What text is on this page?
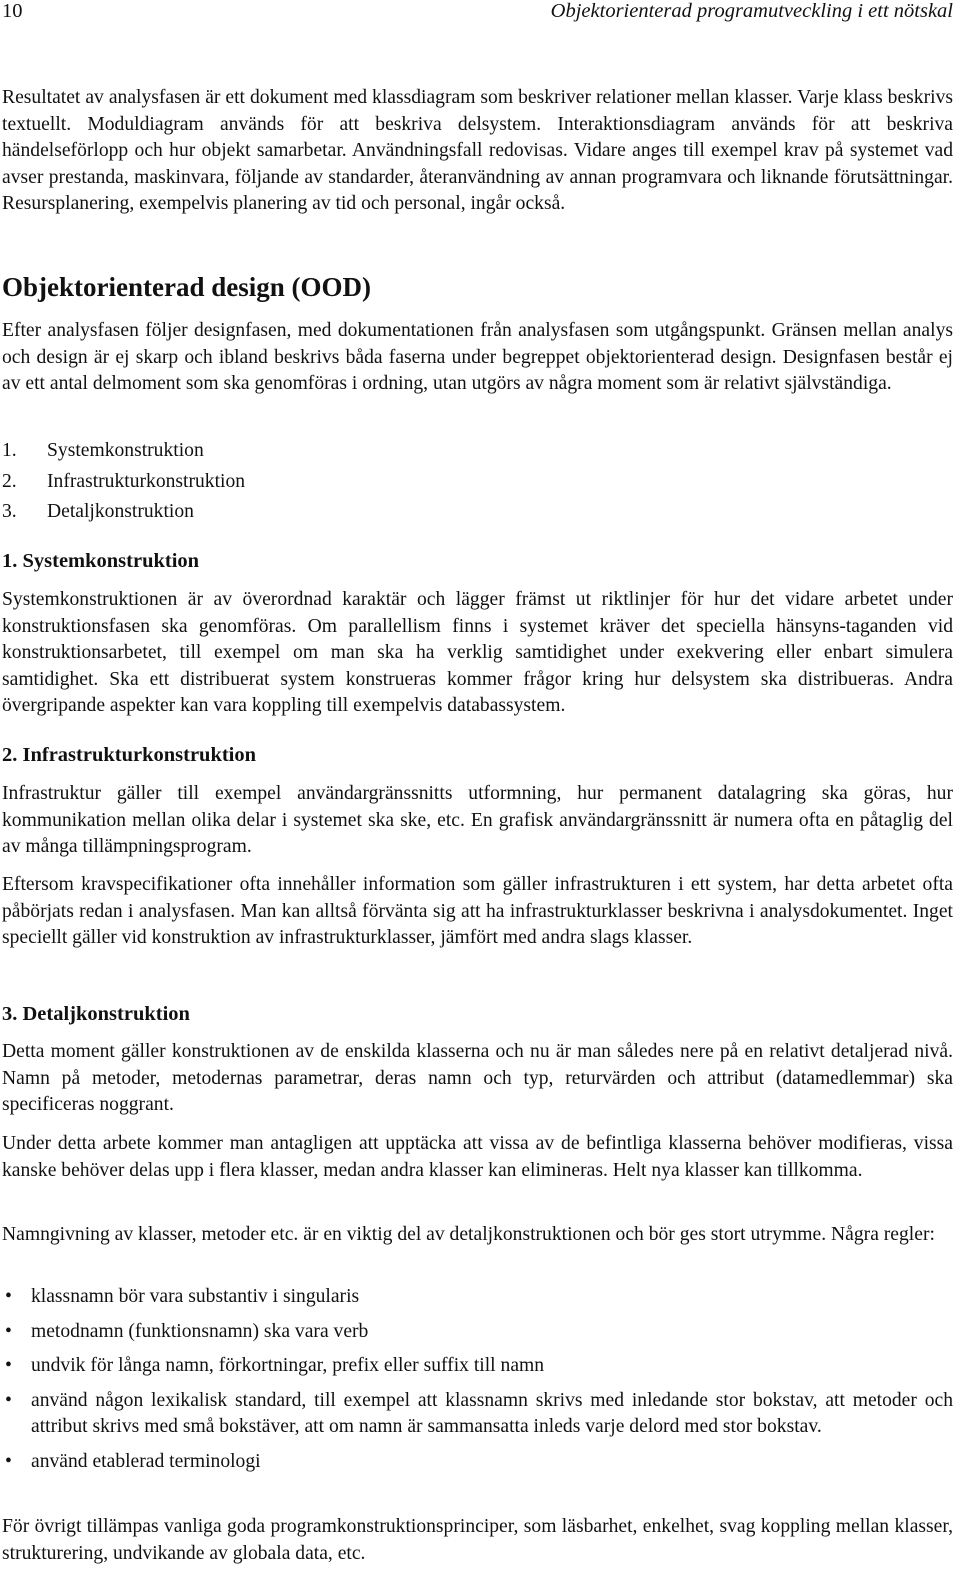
10	Objektorienterad programutveckling i ett nötskal

Resultatet av analysfasen är ett dokument med klassdiagram som beskriver relationer mellan klasser. Varje klass beskrivs textuellt. Moduldiagram används för att beskriva delsystem. Interaktionsdiagram används för att beskriva händelseförlopp och hur objekt samarbetar. Användningsfall redovisas. Vidare anges till exempel krav på systemet vad avser prestanda, maskinvara, följande av standarder, återanvändning av annan programvara och liknande förutsättningar. Resursplanering, exempelvis planering av tid och personal, ingår också.

Objektorienterad design (OOD)

Efter analysfasen följer designfasen, med dokumentationen från analysfasen som utgångspunkt. Gränsen mellan analys och design är ej skarp och ibland beskrivs båda faserna under begreppet objektorienterad design. Designfasen består ej av ett antal delmoment som ska genomföras i ordning, utan utgörs av några moment som är relativt självständiga.

1. Systemkonstruktion
2. Infrastrukturkonstruktion
3. Detaljkonstruktion
1. Systemkonstruktion

Systemkonstruktionen är av överordnad karaktär och lägger främst ut riktlinjer för hur det vidare arbetet under konstruktionsfasen ska genomföras. Om parallellism finns i systemet kräver det speciella hänsyns-taganden vid konstruktionsarbetet, till exempel om man ska ha verklig samtidighet under exekvering eller enbart simulera samtidighet. Ska ett distribuerat system konstrueras kommer frågor kring hur delsystem ska distribueras. Andra övergripande aspekter kan vara koppling till exempelvis databassystem.

2. Infrastrukturkonstruktion

Infrastruktur gäller till exempel användargränssnitts utformning, hur permanent datalagring ska göras, hur kommunikation mellan olika delar i systemet ska ske, etc. En grafisk användargränssnitt är numera ofta en påtaglig del av många tillämpningsprogram.

Eftersom kravspecifikationer ofta innehåller information som gäller infrastrukturen i ett system, har detta arbetet ofta påbörjats redan i analysfasen. Man kan alltså förvänta sig att ha infrastrukturklasser beskrivna i analysdokumentet. Inget speciellt gäller vid konstruktion av infrastrukturklasser, jämfört med andra slags klasser.

3. Detaljkonstruktion

Detta moment gäller konstruktionen av de enskilda klasserna och nu är man således nere på en relativt detaljerad nivå. Namn på metoder, metodernas parametrar, deras namn och typ, returvärden och attribut (datamedlemmar) ska specificeras noggrant.

Under detta arbete kommer man antagligen att upptäcka att vissa av de befintliga klasserna behöver modifieras, vissa kanske behöver delas upp i flera klasser, medan andra klasser kan elimineras. Helt nya klasser kan tillkomma.

Namngivning av klasser, metoder etc. är en viktig del av detaljkonstruktionen och bör ges stort utrymme. Några regler:

• klassnamn bör vara substantiv i singularis
• metodnamn (funktionsnamn) ska vara verb
• undvik för långa namn, förkortningar, prefix eller suffix till namn
• använd någon lexikalisk standard, till exempel att klassnamn skrivs med inledande stor bokstav, att metoder och attribut skrivs med små bokstäver, att om namn är sammansatta inleds varje delord med stor bokstav.
• använd etablerad terminologi

För övrigt tillämpas vanliga goda programkonstruktionsprinciper, som läsbarhet, enkelhet, svag koppling mellan klasser, strukturering, undvikande av globala data, etc.
